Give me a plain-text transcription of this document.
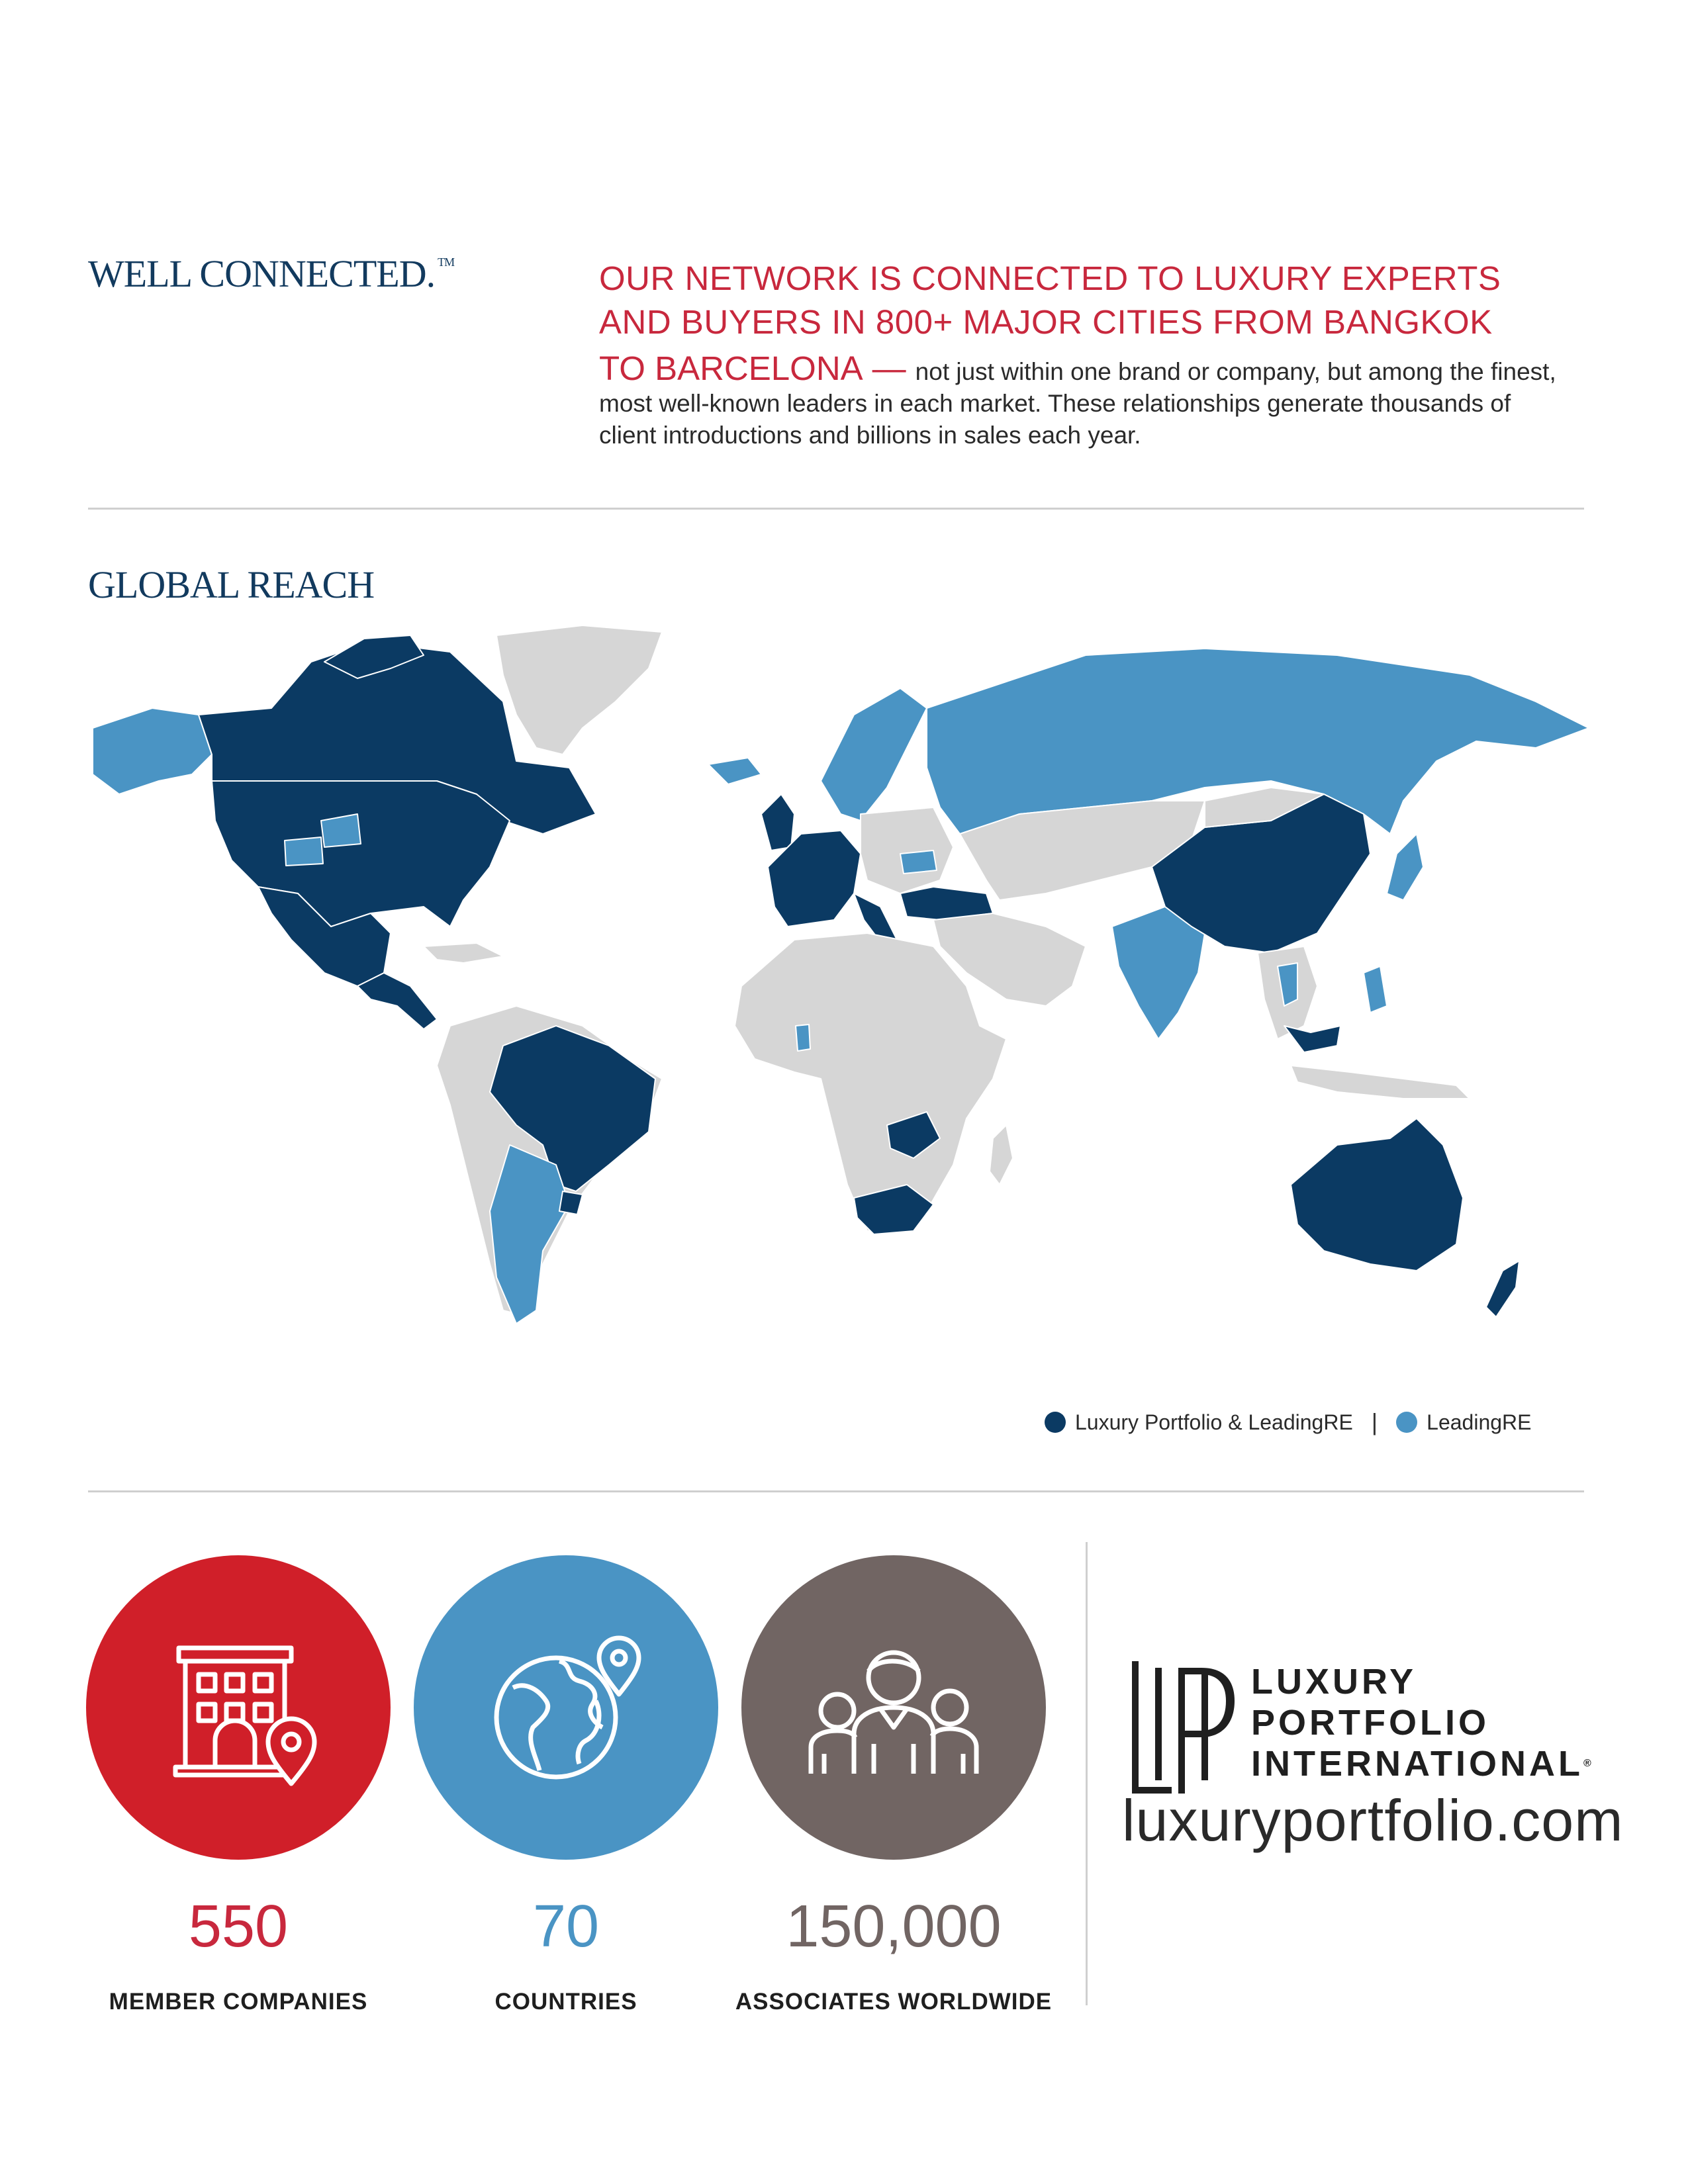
WELL CONNECTED. ™	OUR NETWORK IS CONNECTED TO LUXURY EXPERTS
AND BUYERS IN 800+ MAJOR CITIES FROM BANGKOK
TO BARCELONA — not just within one brand or company, but among the finest, most well-known leaders in each market. These relationships generate thousands of client introductions and billions in sales each year.
GLOBAL REACH
Luxury Portfolio & LeadingRE | LeadingRE
550
MEMBER COMPANIES
70
COUNTRIES
150,000
ASSOCIATES WORLDWIDE
LUXURY
PORTFOLIO
INTERNATIONAL®
luxuryportfolio.com
